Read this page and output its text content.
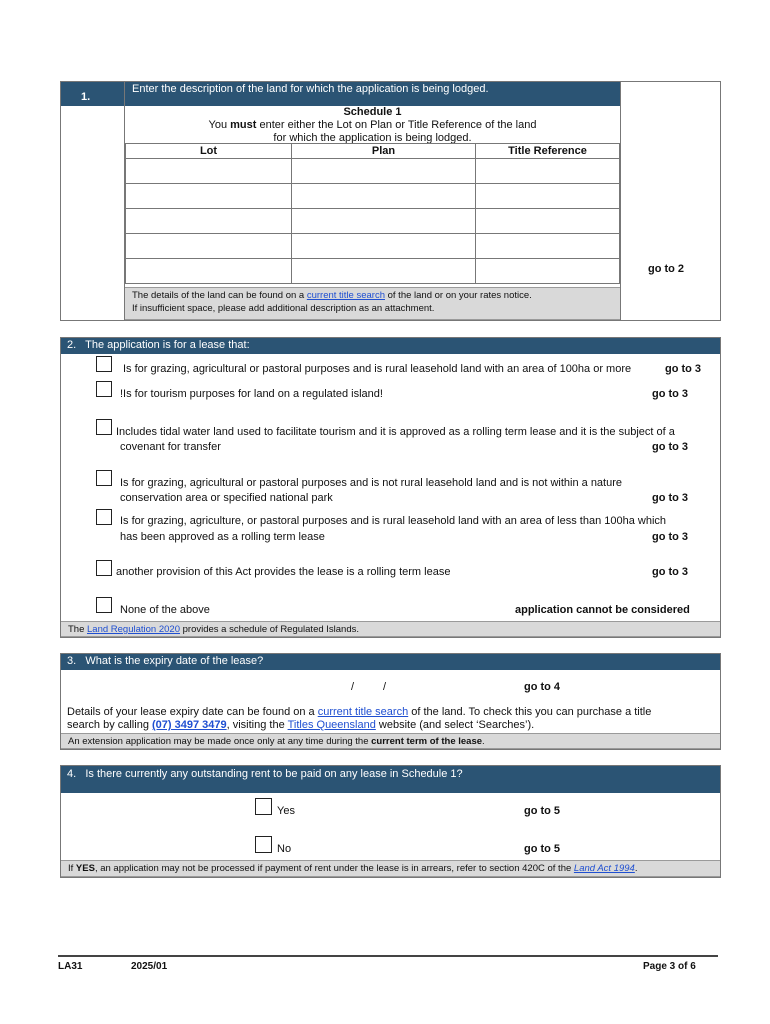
1.
Enter the description of the land for which the application is being lodged.
Schedule 1
You must enter either the Lot on Plan or Title Reference of the land
for which the application is being lodged.
Lot	Plan	Title Reference

The details of the land can be found on a current title search of the land or on your rates notice.
If insufficient space, please add additional description as an attachment.
go to 2
2.   The application is for a lease that:
Is for grazing, agricultural or pastoral purposes and is rural leasehold land with an area of 100ha or more	go to 3
!Is for tourism purposes for land on a regulated island!	go to 3
Includes tidal water land used to facilitate tourism and it is approved as a rolling term lease and it is the subject of a
covenant for transfer	go to 3
Is for grazing, agricultural or pastoral purposes and is not rural leasehold land and is not within a nature
conservation area or specified national park	go to 3
Is for grazing, agriculture, or pastoral purposes and is rural leasehold land with an area of less than 100ha which
has been approved as a rolling term lease	go to 3
another provision of this Act provides the lease is a rolling term lease	go to 3
None of the above	application cannot be considered
The Land Regulation 2020 provides a schedule of Regulated Islands.
3.   What is the expiry date of the lease?
/	/	go to 4
Details of your lease expiry date can be found on a current title search of the land. To check this you can purchase a title
search by calling (07) 3497 3479, visiting the Titles Queensland website (and select ‘Searches’).
An extension application may be made once only at any time during the current term of the lease.
4.   Is there currently any outstanding rent to be paid on any lease in Schedule 1?
Yes	go to 5
No	go to 5
If YES, an application may not be processed if payment of rent under the lease is in arrears, refer to section 420C of the Land Act 1994.
LA31	2025/01	Page 3 of 6
